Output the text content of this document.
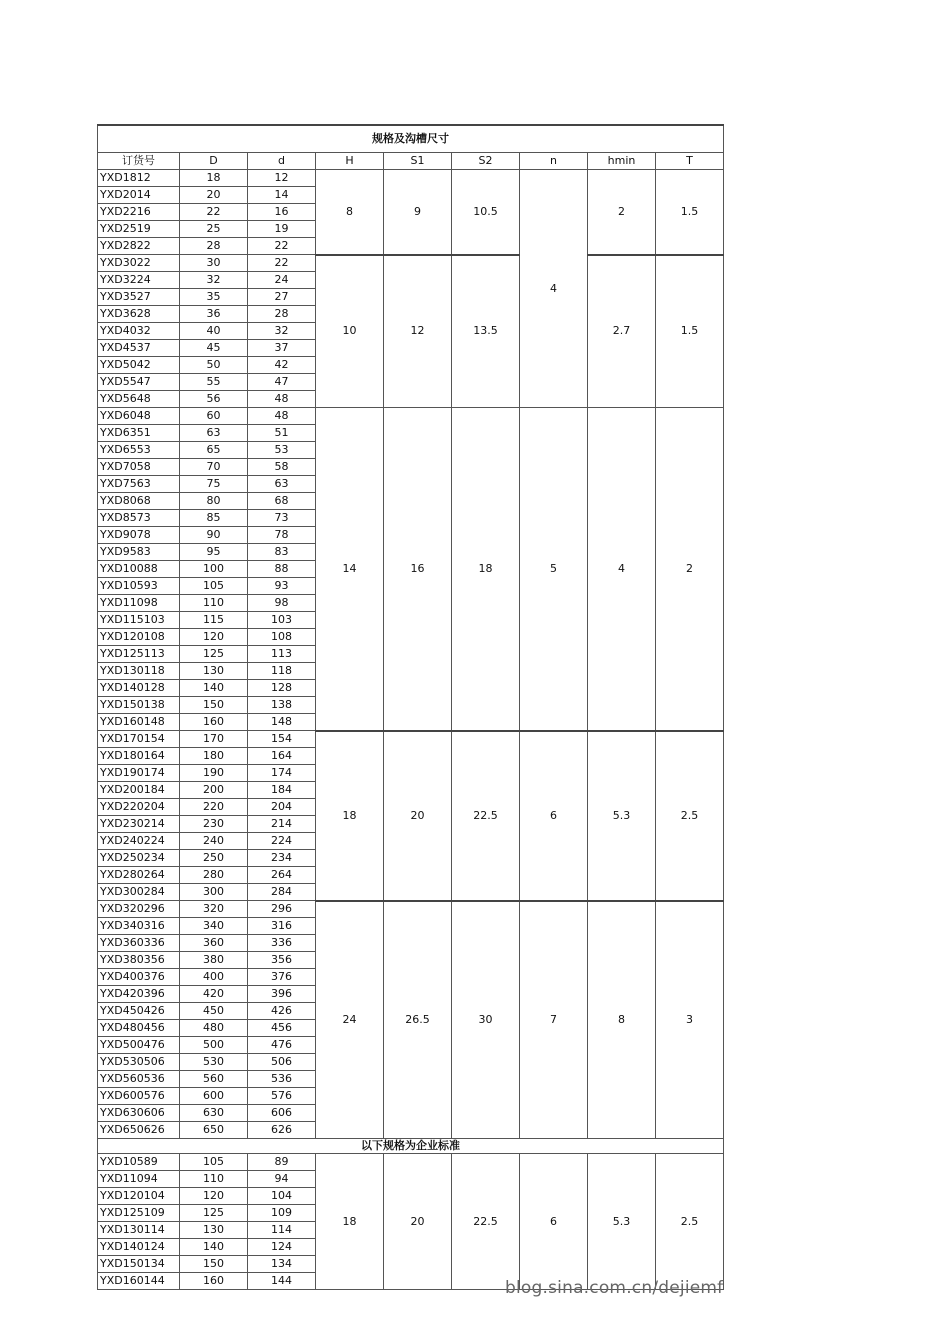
规格及沟槽尺寸								
订货号	D	d	H	S1	S2	n	hmin	T
YXD1812	18	12	8	9	10.5	4	2	1.5
YXD2014	20	14						
YXD2216	22	16						
YXD2519	25	19						
YXD2822	28	22						
YXD3022	30	22	10	12	13.5		2.7	1.5
YXD3224	32	24						
YXD3527	35	27						
YXD3628	36	28						
YXD4032	40	32						
YXD4537	45	37						
YXD5042	50	42						
YXD5547	55	47						
YXD5648	56	48						
YXD6048	60	48	14	16	18	5	4	2
YXD6351	63	51						
YXD6553	65	53						
YXD7058	70	58						
YXD7563	75	63						
YXD8068	80	68						
YXD8573	85	73						
YXD9078	90	78						
YXD9583	95	83						
YXD10088	100	88						
YXD10593	105	93						
YXD11098	110	98						
YXD115103	115	103						
YXD120108	120	108						
YXD125113	125	113						
YXD130118	130	118						
YXD140128	140	128						
YXD150138	150	138						
YXD160148	160	148						
YXD170154	170	154	18	20	22.5	6	5.3	2.5
YXD180164	180	164						
YXD190174	190	174						
YXD200184	200	184						
YXD220204	220	204						
YXD230214	230	214						
YXD240224	240	224						
YXD250234	250	234						
YXD280264	280	264						
YXD300284	300	284						
YXD320296	320	296	24	26.5	30	7	8	3
YXD340316	340	316						
YXD360336	360	336						
YXD380356	380	356						
YXD400376	400	376						
YXD420396	420	396						
YXD450426	450	426						
YXD480456	480	456						
YXD500476	500	476						
YXD530506	530	506						
YXD560536	560	536						
YXD600576	600	576						
YXD630606	630	606						
YXD650626	650	626						
以下规格为企业标准								
YXD10589	105	89	18	20	22.5	6	5.3	2.5
YXD11094	110	94						
YXD120104	120	104						
YXD125109	125	109						
YXD130114	130	114						
YXD140124	140	124						
YXD150134	150	134						
YXD160144	160	144							blog.sina.com.cn/dejiemf
